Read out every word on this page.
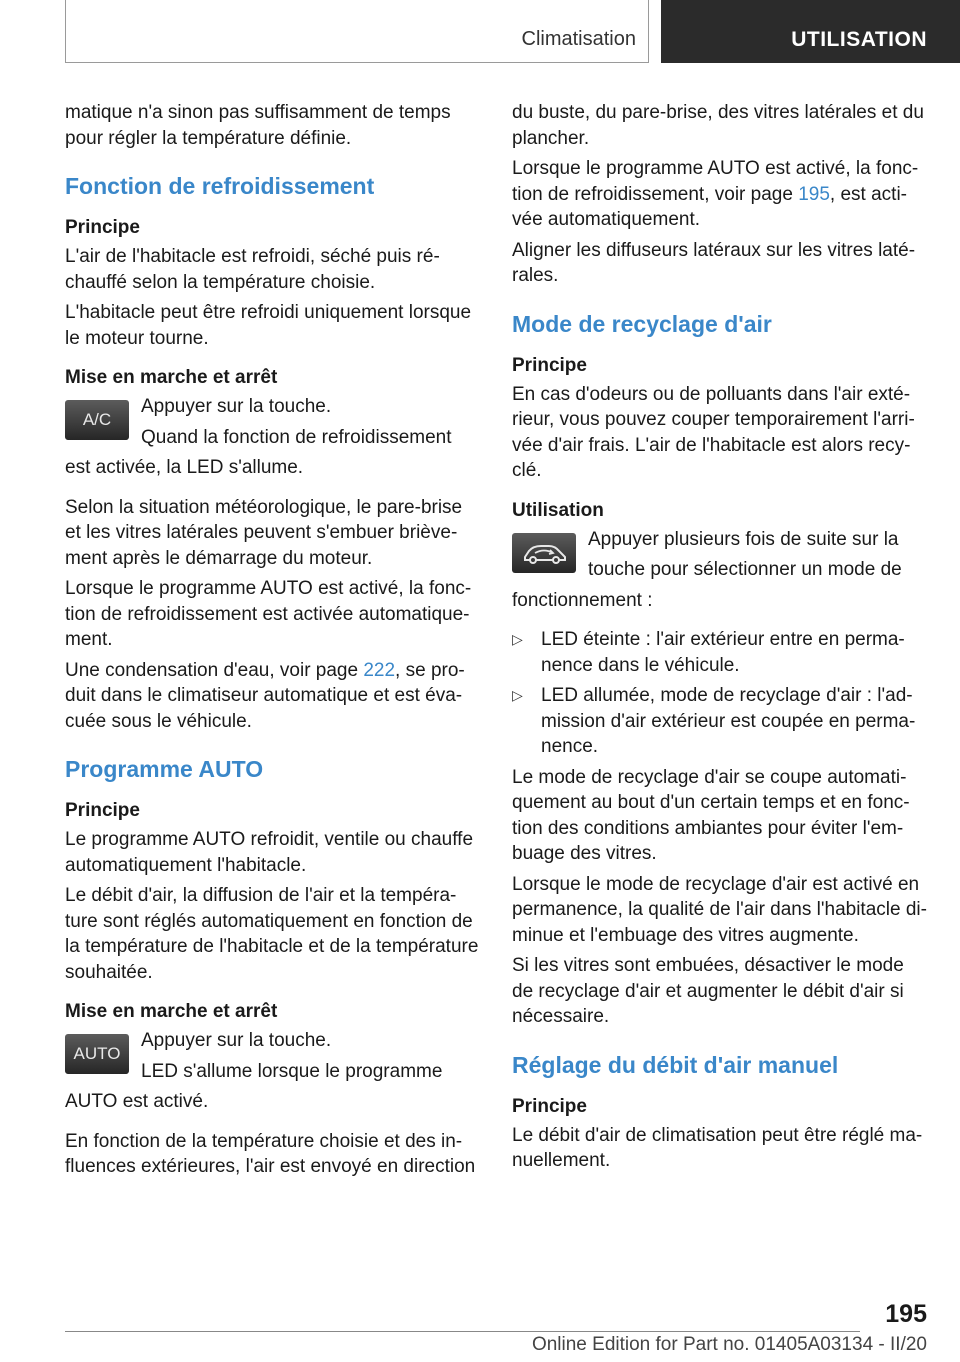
Climatisation	UTILISATION

matique n'a sinon pas suffisamment de temps pour régler la température définie.

Fonction de refroidissement
Principe

L'air de l'habitacle est refroidi, séché puis réchauffé selon la température choisie.

L'habitacle peut être refroidi uniquement lorsque le moteur tourne.

Mise en marche et arrêt
A/C

Appuyer sur la touche.

Quand la fonction de refroidissement

est activée, la LED s'allume.

Selon la situation météorologique, le pare-brise et les vitres latérales peuvent s'embuer brièvement après le démarrage du moteur.

Lorsque le programme AUTO est activé, la fonction de refroidissement est activée automatiquement.

Une condensation d'eau, voir page 222, se produit dans le climatiseur automatique et est évacuée sous le véhicule.

Programme AUTO
Principe

Le programme AUTO refroidit, ventile ou chauffe automatiquement l'habitacle.

Le débit d'air, la diffusion de l'air et la température sont réglés automatiquement en fonction de la température de l'habitacle et de la température souhaitée.

Mise en marche et arrêt
AUTO

Appuyer sur la touche.

LED s'allume lorsque le programme

AUTO est activé.

En fonction de la température choisie et des influences extérieures, l'air est envoyé en direction

du buste, du pare-brise, des vitres latérales et du plancher.

Lorsque le programme AUTO est activé, la fonction de refroidissement, voir page 195, est activée automatiquement.

Aligner les diffuseurs latéraux sur les vitres latérales.

Mode de recyclage d'air
Principe

En cas d'odeurs ou de polluants dans l'air extérieur, vous pouvez couper temporairement l'arrivée d'air frais. L'air de l'habitacle est alors recyclé.

Utilisation

Appuyer plusieurs fois de suite sur la

touche pour sélectionner un mode de

fonctionnement :

▷ LED éteinte : l'air extérieur entre en permanence dans le véhicule.
▷ LED allumée, mode de recyclage d'air : l'admission d'air extérieur est coupée en permanence.

Le mode de recyclage d'air se coupe automatiquement au bout d'un certain temps et en fonction des conditions ambiantes pour éviter l'embuage des vitres.

Lorsque le mode de recyclage d'air est activé en permanence, la qualité de l'air dans l'habitacle diminue et l'embuage des vitres augmente.

Si les vitres sont embuées, désactiver le mode de recyclage d'air et augmenter le débit d'air si nécessaire.

Réglage du débit d'air manuel
Principe

Le débit d'air de climatisation peut être réglé manuellement.

195
Online Edition for Part no. 01405A03134 - II/20
